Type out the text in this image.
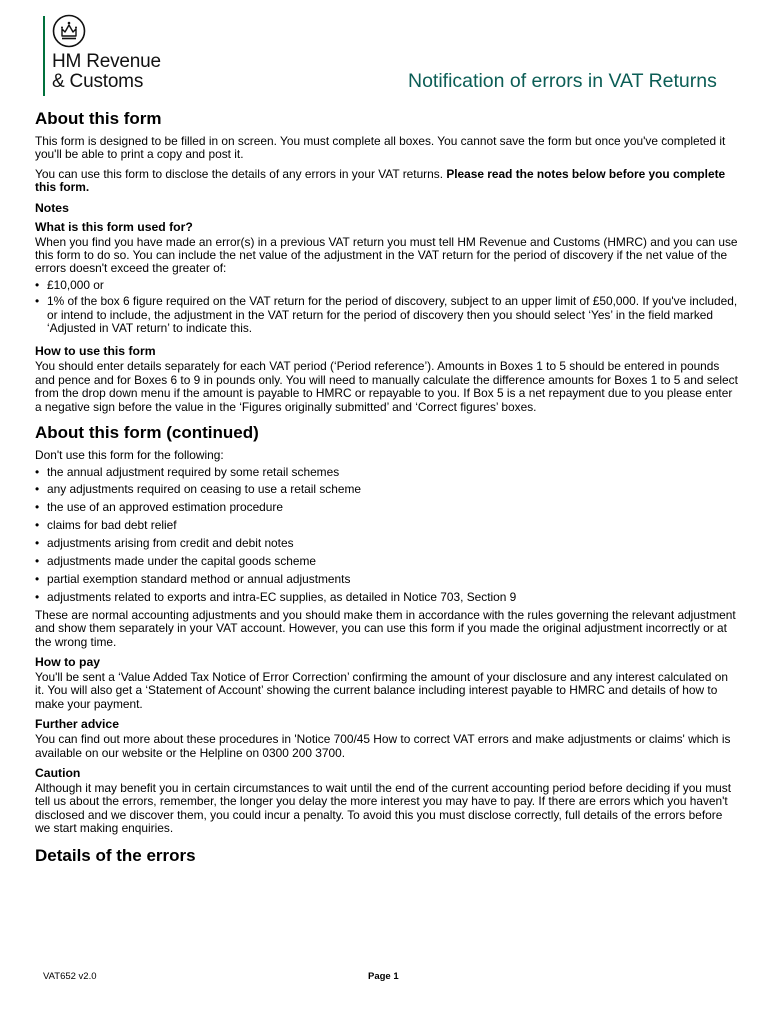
HM Revenue
& Customs	Notification of errors in VAT Returns
About this form

This form is designed to be filled in on screen. You must complete all boxes. You cannot save the form but once you've completed it you'll be able to print a copy and post it.

You can use this form to disclose the details of any errors in your VAT returns. Please read the notes below before you complete this form.

Notes
What is this form used for?

When you find you have made an error(s) in a previous VAT return you must tell HM Revenue and Customs (HMRC) and you can use this form to do so. You can include the net value of the adjustment in the VAT return for the period of discovery if the net value of the errors doesn't exceed the greater of:

• £10,000 or
• 1% of the box 6 figure required on the VAT return for the period of discovery, subject to an upper limit of £50,000. If you've included, or intend to include, the adjustment in the VAT return for the period of discovery then you should select ‘Yes’ in the field marked ‘Adjusted in VAT return’ to indicate this.
How to use this form

You should enter details separately for each VAT period (‘Period reference’). Amounts in Boxes 1 to 5 should be entered in pounds and pence and for Boxes 6 to 9 in pounds only. You will need to manually calculate the difference amounts for Boxes 1 to 5 and select from the drop down menu if the amount is payable to HMRC or repayable to you. If Box 5 is a net repayment due to you please enter a negative sign before the value in the ‘Figures originally submitted’ and ‘Correct figures’ boxes.

About this form (continued)

Don't use this form for the following:

• the annual adjustment required by some retail schemes
• any adjustments required on ceasing to use a retail scheme
• the use of an approved estimation procedure
• claims for bad debt relief
• adjustments arising from credit and debit notes
• adjustments made under the capital goods scheme
• partial exemption standard method or annual adjustments
• adjustments related to exports and intra-EC supplies, as detailed in Notice 703, Section 9

These are normal accounting adjustments and you should make them in accordance with the rules governing the relevant adjustment and show them separately in your VAT account. However, you can use this form if you made the original adjustment incorrectly or at the wrong time.

How to pay

You'll be sent a ‘Value Added Tax Notice of Error Correction’ confirming the amount of your disclosure and any interest calculated on it. You will also get a ‘Statement of Account’ showing the current balance including interest payable to HMRC and details of how to make your payment.

Further advice

You can find out more about these procedures in 'Notice 700/45 How to correct VAT errors and make adjustments or claims' which is available on our website or the Helpline on 0300 200 3700.

Caution

Although it may benefit you in certain circumstances to wait until the end of the current accounting period before deciding if you must tell us about the errors, remember, the longer you delay the more interest you may have to pay. If there are errors which you haven't disclosed and we discover them, you could incur a penalty. To avoid this you must disclose correctly, full details of the errors before we start making enquiries.

Details of the errors
VAT652 v2.0	Page 1
